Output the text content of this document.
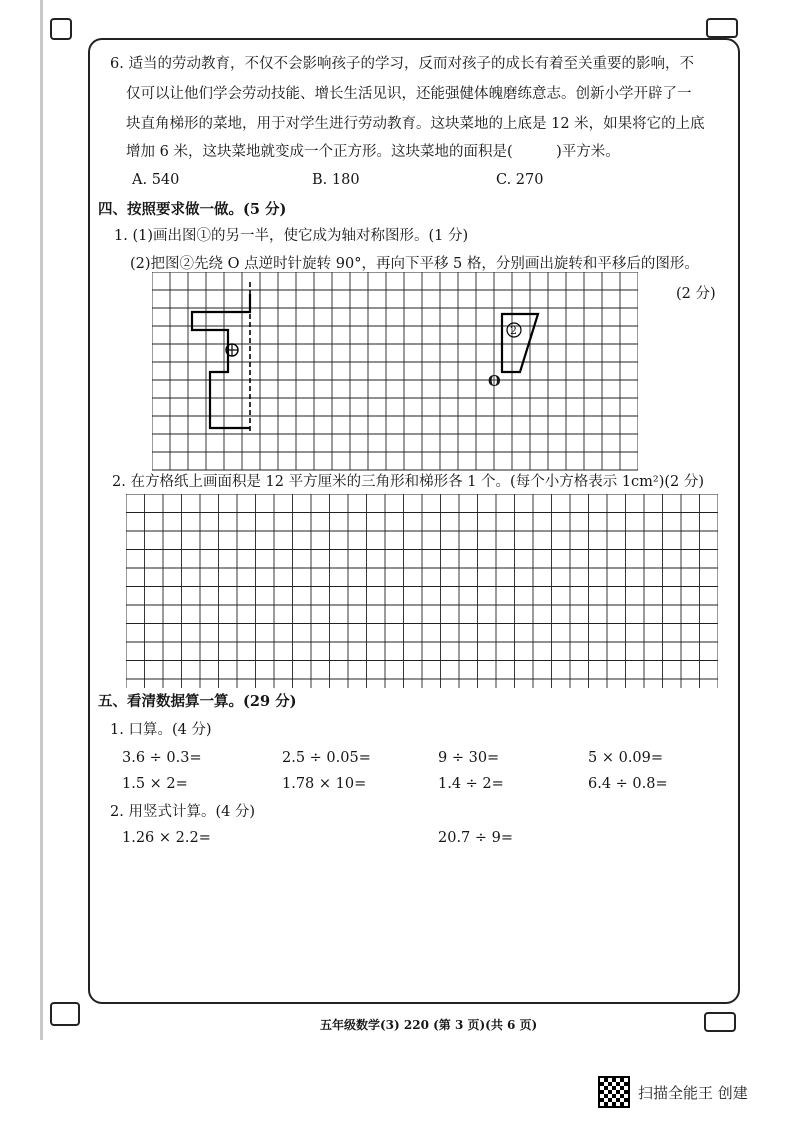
6. 适当的劳动教育，不仅不会影响孩子的学习，反而对孩子的成长有着至关重要的影响，不
仅可以让他们学会劳动技能、增长生活见识，还能强健体魄磨练意志。创新小学开辟了一
块直角梯形的菜地，用于对学生进行劳动教育。这块菜地的上底是 12 米，如果将它的上底
增加 6 米，这块菜地就变成一个正方形。这块菜地的面积是(　　　)平方米。
A. 540	B. 180	C. 270
四、按照要求做一做。(5 分)
1. (1)画出图①的另一半，使它成为轴对称图形。(1 分)
(2)把图②先绕 O 点逆时针旋转 90°，再向下平移 5 格，分别画出旋转和平移后的图形。
(2 分)
2
O
2. 在方格纸上画面积是 12 平方厘米的三角形和梯形各 1 个。(每个小方格表示 1cm²)(2 分)
五、看清数据算一算。(29 分)
1. 口算。(4 分)
3.6 ÷ 0.3=	2.5 ÷ 0.05=	9 ÷ 30=	5 × 0.09=
1.5 × 2=	1.78 × 10=	1.4 ÷ 2=	6.4 ÷ 0.8=
2. 用竖式计算。(4 分)
1.26 × 2.2=	20.7 ÷ 9=
五年级数学(3) 220 (第 3 页)(共 6 页)
扫描全能王 创建
